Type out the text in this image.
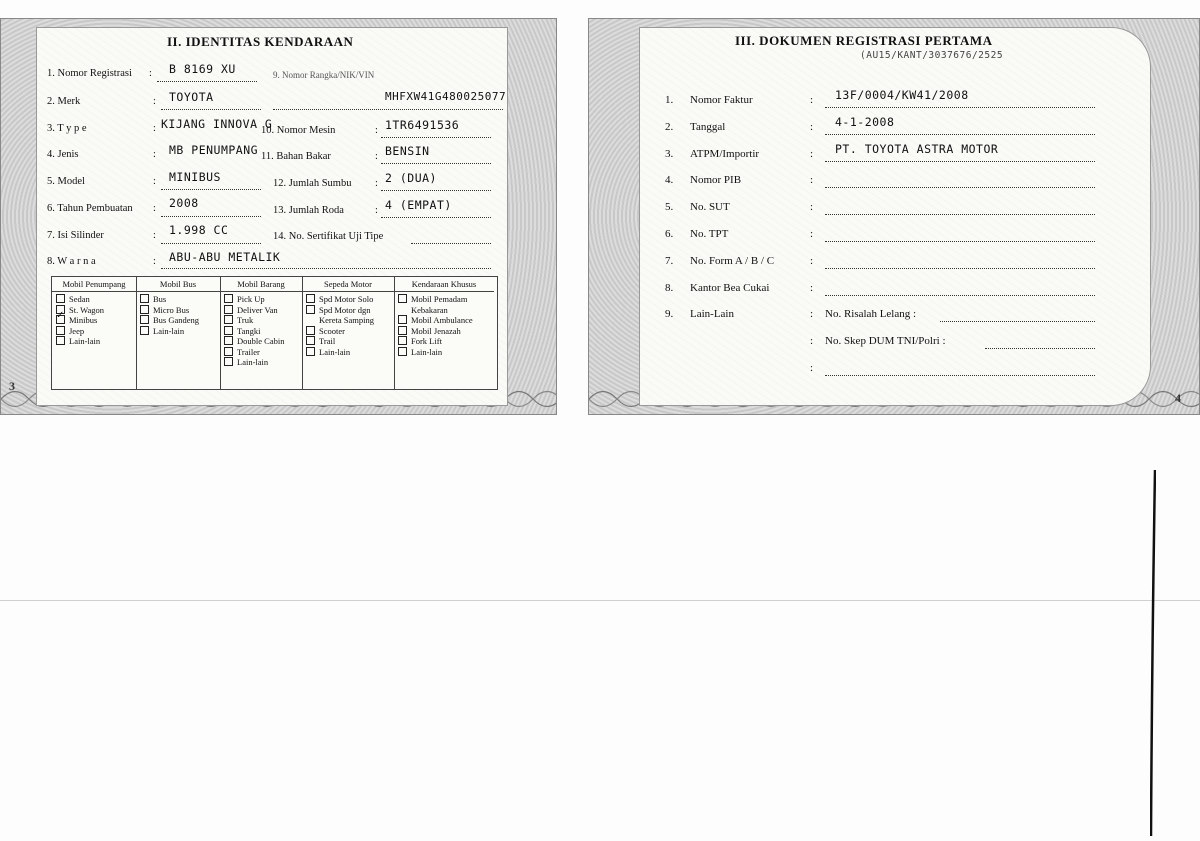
II. IDENTITAS KENDARAAN
1. Nomor Registrasi : B 8169 XU
2. Merk	: TOYOTA
3. T y p e	: KIJANG INNOVA G
4. Jenis	: MB PENUMPANG
5. Model	: MINIBUS
6. Tahun Pembuatan : 2008
7. Isi Silinder	: 1.998 CC
8. W a r n a	: ABU-ABU METALIK
9. Nomor Rangka/NIK/VIN
MHFXW41G480025077
10. Nomor Mesin	: 1TR6491536
11. Bahan Bakar	: BENSIN
12. Jumlah Sumbu : 2 (DUA)
13. Jumlah Roda	: 4 (EMPAT)
14. No. Sertifikat Uji Tipe
Mobil Penumpang
Sedan
St. Wagon
✓Minibus
Jeep
Lain-lain
Mobil Bus
Bus
Micro Bus
Bus Gandeng
Lain-lain
Mobil Barang
Pick Up
Deliver Van
Truk
Tangki
Double Cabin
Trailer
Lain-lain
Sepeda Motor
Spd Motor Solo
Spd Motor dgn
Kereta Samping
Scooter
Trail
Lain-lain
Kendaraan Khusus
Mobil Pemadam
Kebakaran
Mobil Ambulance
Mobil Jenazah
Fork Lift
Lain-lain
3
III. DOKUMEN REGISTRASI PERTAMA
(AU15/KANT/3037676/2525
1. Nomor Faktur	: 13F/0004/KW41/2008
2. Tanggal	: 4-1-2008
3. ATPM/Importir	: PT. TOYOTA ASTRA MOTOR
4. Nomor PIB	:
5. No. SUT	:
6. No. TPT	:
7. No. Form A / B / C	:
8. Kantor Bea Cukai	:
9. Lain-Lain	: No. Risalah Lelang :
: No. Skep DUM TNI/Polri :
:
4
